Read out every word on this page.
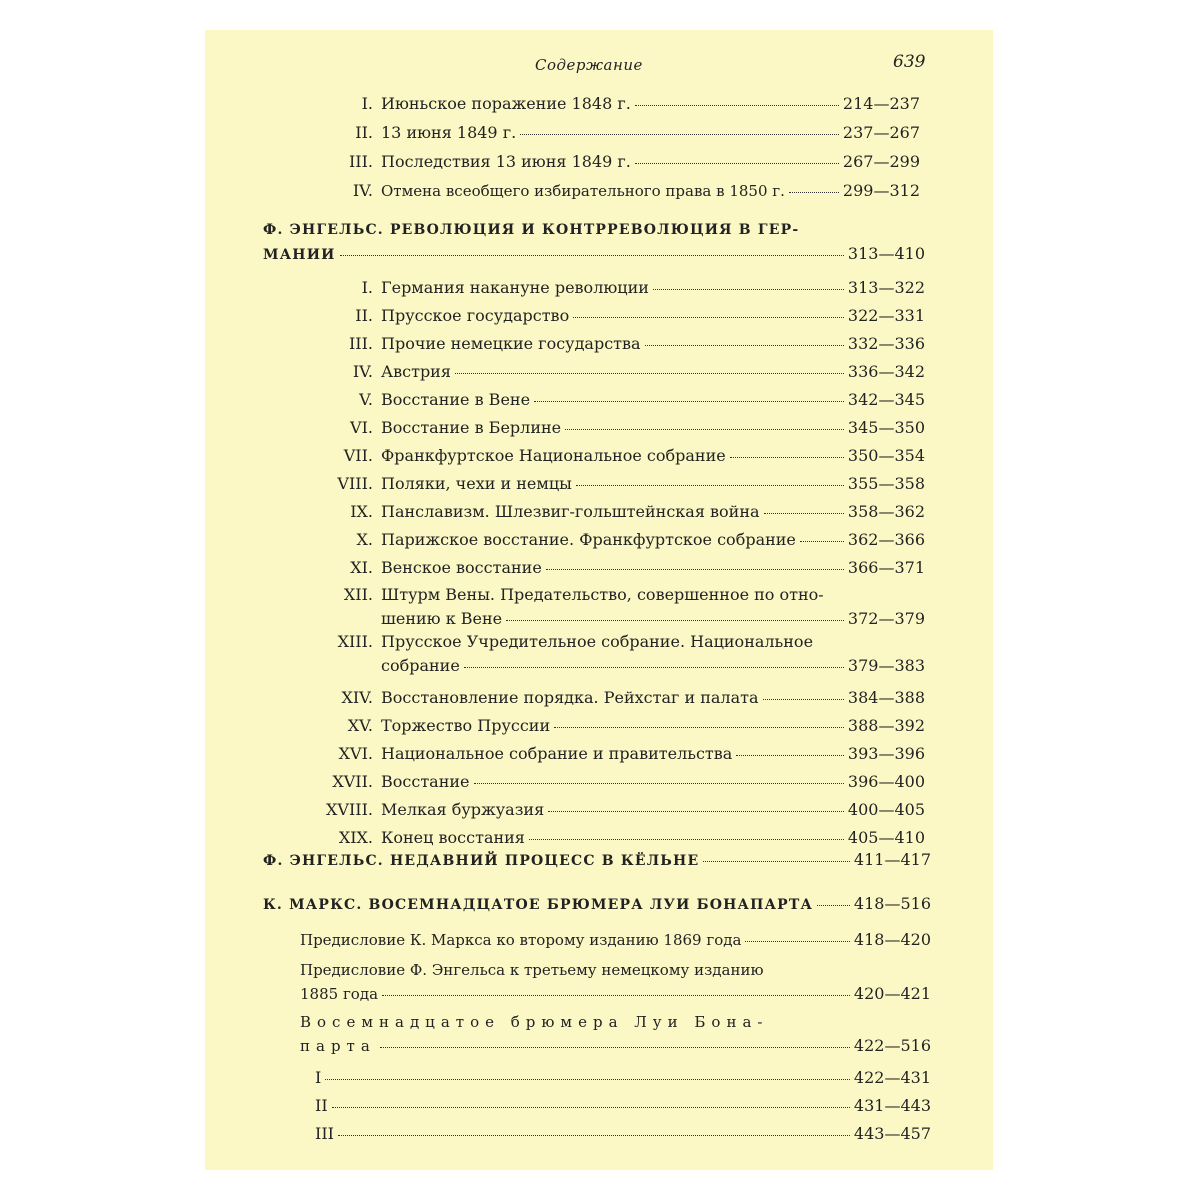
Содержание	639
I. Июньское поражение 1848 г.	214—237
II. 13 июня 1849 г.	237—267
III. Последствия 13 июня 1849 г.	267—299
IV. Отмена всеобщего избирательного права в 1850 г.	299—312
Ф. ЭНГЕЛЬС. РЕВОЛЮЦИЯ И КОНТРРЕВОЛЮЦИЯ В ГЕР-
МАНИИ	313—410
I. Германия накануне революции	313—322
II. Прусское государство	322—331
III. Прочие немецкие государства	332—336
IV. Австрия	336—342
V. Восстание в Вене	342—345
VI. Восстание в Берлине	345—350
VII. Франкфуртское Национальное собрание	350—354
VIII. Поляки, чехи и немцы	355—358
IX. Панславизм. Шлезвиг-гольштейнская война	358—362
X. Парижское восстание. Франкфуртское собрание	362—366
XI. Венское восстание	366—371
XII. Штурм Вены. Предательство, совершенное по отно-
шению к Вене	372—379
XIII. Прусское Учредительное собрание. Национальное
собрание	379—383
XIV. Восстановление порядка. Рейхстаг и палата	384—388
XV. Торжество Пруссии	388—392
XVI. Национальное собрание и правительства	393—396
XVII. Восстание	396—400
XVIII. Мелкая буржуазия	400—405
XIX. Конец восстания	405—410
Ф. ЭНГЕЛЬС. НЕДАВНИЙ ПРОЦЕСС В КЁЛЬНЕ	411—417
К. МАРКС. ВОСЕМНАДЦАТОЕ БРЮМЕРА ЛУИ БОНАПАРТА	418—516
Предисловие К. Маркса ко второму изданию 1869 года	418—420
Предисловие Ф. Энгельса к третьему немецкому изданию
1885 года	420—421
Восемнадцатое брюмера Луи Бона-
парта	422—516
I	422—431
II	431—443
III	443—457
